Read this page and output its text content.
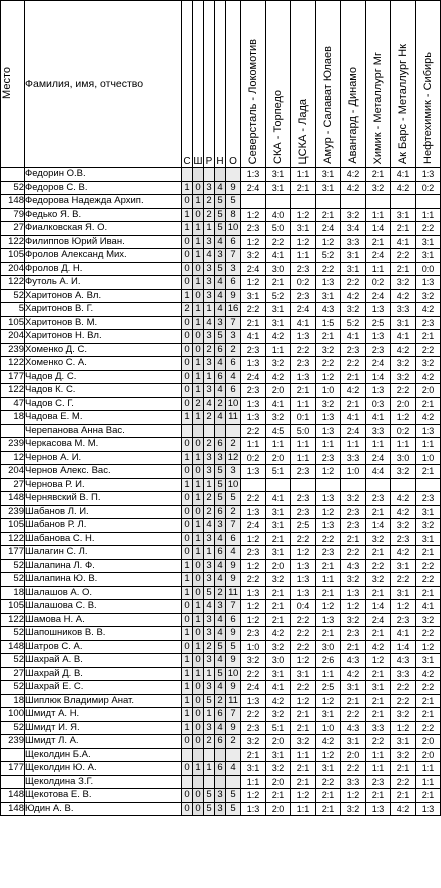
Место	Фамилия, имя, отчество	С	Ш	Р	Н	О	Северсталь - Локомотив	СКА - Торпедо	ЦСКА - Лада	Амур - Салават Юлаев	Авангард - Динамо	Химик - Металлург Мг	Ак Барс - Металлург Нк	Нефтехимик - Сибирь
	Федорин О.В.						1:3	3:1	1:1	3:1	4:2	2:1	4:1	1:3
52	Федоров С. В.	1	0	3	4	9	2:4	3:1	2:1	3:1	4:2	3:2	4:2	0:2
148	Федорова Надежда Архип.	0	1	2	5	5								
79	Федько Я. В.	1	0	2	5	8	1:2	4:0	1:2	2:1	3:2	1:1	3:1	1:1
27	Фиалковская Я. О.	1	1	1	5	10	2:3	5:0	3:1	2:4	3:4	1:4	2:1	2:2
122	Филиппов Юрий Иван.	0	1	3	4	6	1:2	2:2	1:2	1:2	3:3	2:1	4:1	3:1
105	Фролов Александ Мих.	0	1	4	3	7	3:2	4:1	1:1	5:2	3:1	2:4	2:2	3:1
204	Фролов Д. Н.	0	0	3	5	3	2:4	3:0	2:3	2:2	3:1	1:1	2:1	0:0
122	Футоль А. И.	0	1	3	4	6	1:2	2:1	0:2	1:3	2:2	0:2	3:2	1:3
52	Харитонов А. Вл.	1	0	3	4	9	3:1	5:2	2:3	3:1	4:2	2:4	4:2	3:2
5	Харитонов В. Г.	2	1	1	4	16	2:2	3:1	2:4	4:3	3:2	1:3	3:3	4:2
105	Харитонов В. М.	0	1	4	3	7	2:1	3:1	4:1	1:5	5:2	2:5	3:1	2:3
204	Харитонов Н. Вл.	0	0	3	5	3	4:1	4:2	1:3	2:1	4:1	1:3	4:1	2:1
239	Хоменко Д. С.	0	0	2	6	2	2:3	1:1	2:2	3:2	2:3	2:3	4:2	2:2
122	Хоменко С. А.	0	1	3	4	6	1:3	3:2	2:3	2:2	2:2	2:4	3:2	3:2
177	Чадов Д. С.	0	1	1	6	4	2:4	4:2	1:3	1:2	2:1	1:4	3:2	4:2
122	Чадов К. С.	0	1	3	4	6	2:3	2:0	2:1	1:0	4:2	1:3	2:2	2:0
47	Чадов С. Г.	0	2	4	2	10	1:3	4:1	1:1	3:2	2:1	0:3	2:0	2:1
18	Чадова Е. М.	1	1	2	4	11	1:3	3:2	0:1	1:3	4:1	4:1	1:2	4:2
	Черепанова Анна Вас.						2:2	4:5	5:0	1:3	2:4	3:3	0:2	1:3
239	Черкасова М. М.	0	0	2	6	2	1:1	1:1	1:1	1:1	1:1	1:1	1:1	1:1
12	Чернов А. И.	1	1	3	3	12	0:2	2:0	1:1	2:3	3:3	2:4	3:0	1:0
204	Чернов Алекс. Вас.	0	0	3	5	3	1:3	5:1	2:3	1:2	1:0	4:4	3:2	2:1
27	Чернова Р. И.	1	1	1	5	10								
148	Чернявский В. П.	0	1	2	5	5	2:2	4:1	2:3	1:3	3:2	2:3	4:2	2:3
239	Шабанов Л. И.	0	0	2	6	2	1:3	3:1	2:3	1:2	2:3	2:1	4:2	3:1
105	Шабанов Р. Л.	0	1	4	3	7	2:4	3:1	2:5	1:3	2:3	1:4	3:2	3:2
122	Шабанова С. Н.	0	1	3	4	6	1:2	2:1	2:2	2:2	2:1	3:2	2:3	3:1
177	Шалагин С. Л.	0	1	1	6	4	2:3	3:1	1:2	2:3	2:2	2:1	4:2	2:1
52	Шалапина Л. Ф.	1	0	3	4	9	1:2	2:0	1:3	2:1	4:3	2:2	3:1	2:2
52	Шалапина Ю. В.	1	0	3	4	9	2:2	3:2	1:3	1:1	3:2	3:2	2:2	2:2
18	Шалашов А. О.	1	0	5	2	11	1:3	2:1	1:3	2:1	1:3	2:1	3:1	2:1
105	Шалашова С. В.	0	1	4	3	7	1:2	2:1	0:4	1:2	1:2	1:4	1:2	4:1
122	Шамова Н. А.	0	1	3	4	6	1:2	2:1	2:2	1:3	3:2	2:4	2:3	3:2
52	Шапошников В. В.	1	0	3	4	9	2:3	4:2	2:2	2:1	2:3	2:1	4:1	2:2
148	Шатров С. А.	0	1	2	5	5	1:0	3:2	2:2	3:0	2:1	4:2	1:4	1:2
52	Шахрай А. В.	1	0	3	4	9	3:2	3:0	1:2	2:6	4:3	1:2	4:3	3:1
27	Шахрай Д. В.	1	1	1	5	10	2:2	3:1	3:1	1:1	4:2	2:1	3:3	4:2
52	Шахрай Е. С.	1	0	3	4	9	2:4	4:1	2:2	2:5	3:1	3:1	2:2	2:2
18	Шиплюк Владимир Анат.	1	0	5	2	11	1:3	4:2	1:2	1:2	2:1	2:1	2:2	2:1
100	Шмидт А. Н.	1	0	1	6	7	2:2	3:2	2:1	3:1	2:2	2:1	3:2	2:1
52	Шмидт И. Я.	1	0	3	4	9	2:3	5:1	2:1	1:0	4:3	3:3	1:2	2:2
239	Шмидт Л. А.	0	0	2	6	2	3:2	2:0	3:2	4:2	3:1	2:2	3:1	2:0
	Щеколдин Б.А.						2:1	3:1	1:1	1:2	2:0	1:1	3:2	2:0
177	Щеколдин Ю. А.	0	1	1	6	4	3:1	3:2	2:1	3:1	2:2	1:1	2:1	1:1
	Щеколдина З.Г.						1:1	2:0	2:1	2:2	3:3	2:3	2:2	1:1
148	Щекотова Е. В.	0	0	5	3	5	1:2	2:1	1:2	2:1	1:2	2:1	2:1	2:1
148	Юдин А. В.	0	0	5	3	5	1:3	2:0	1:1	2:1	3:2	1:3	4:2	1:3
